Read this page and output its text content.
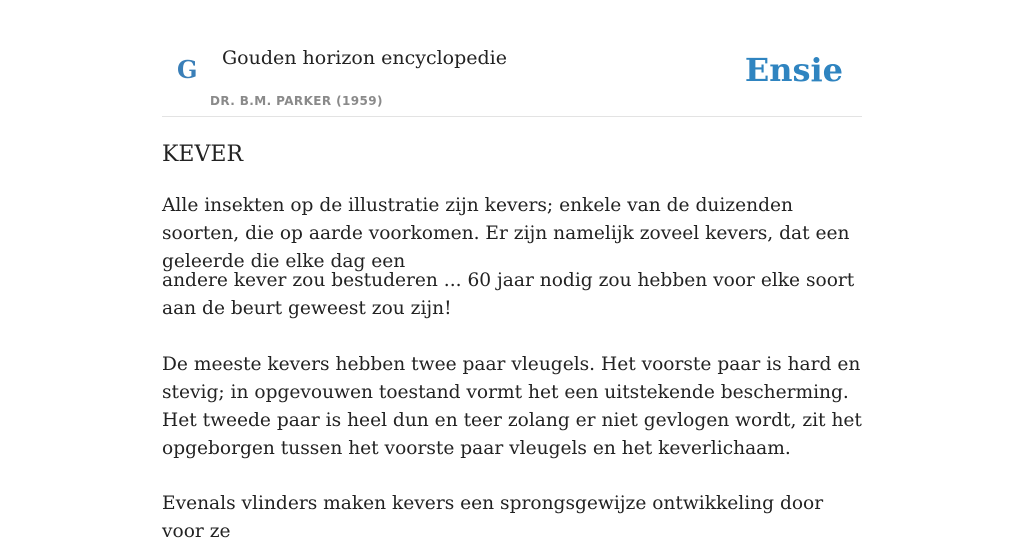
G Gouden horizon encyclopedie
DR. B.M. PARKER (1959)
Ensie
KEVER

Alle insekten op de illustratie zijn kevers; enkele van de duizenden soorten, die op aarde voorkomen. Er zijn namelijk zoveel kevers, dat een geleerde die elke dag een

andere kever zou bestuderen ... 60 jaar nodig zou hebben voor elke soort aan de beurt geweest zou zijn!

De meeste kevers hebben twee paar vleugels. Het voorste paar is hard en stevig; in opgevouwen toestand vormt het een uitstekende bescherming. Het tweede paar is heel dun en teer zolang er niet gevlogen wordt, zit het opgeborgen tussen het voorste paar vleugels en het keverlichaam.

Evenals vlinders maken kevers een sprongsgewijze ontwikkeling door voor ze
